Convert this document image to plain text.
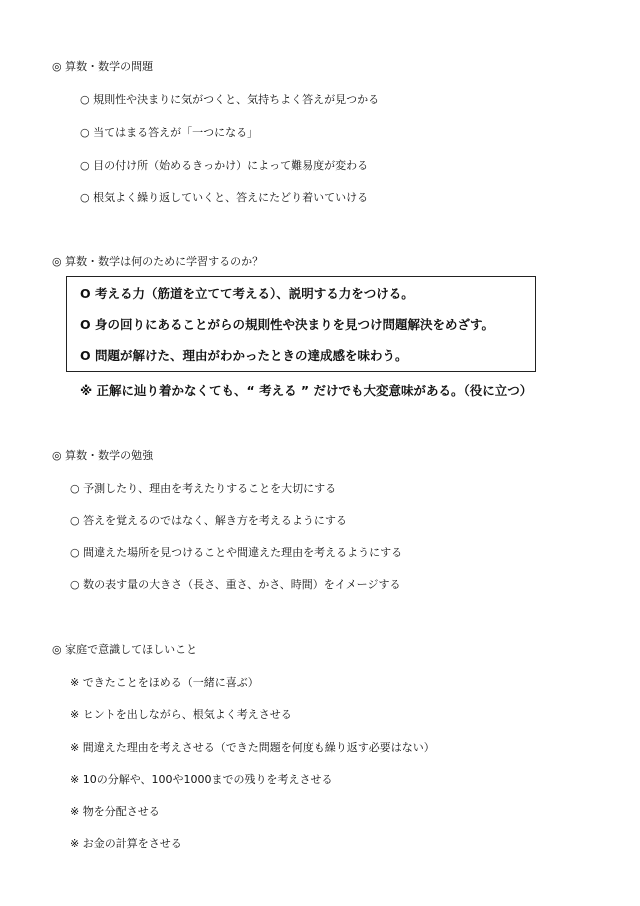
◎ 算数・数学の問題
○ 規則性や決まりに気がつくと、気持ちよく答えが見つかる
○ 当てはまる答えが「一つになる」
○ 目の付け所（始めるきっかけ）によって難易度が変わる
○ 根気よく繰り返していくと、答えにたどり着いていける
◎ 算数・数学は何のために学習するのか？
O 考える力（筋道を立てて考える）、説明する力をつける。
O 身の回りにあることがらの規則性や決まりを見つけ問題解決をめざす。
O 問題が解けた、理由がわかったときの達成感を味わう。
※ 正解に辿り着かなくても、“ 考える ” だけでも大変意味がある。（役に立つ）
◎ 算数・数学の勉強
○ 予測したり、理由を考えたりすることを大切にする
○ 答えを覚えるのではなく、解き方を考えるようにする
○ 間違えた場所を見つけることや間違えた理由を考えるようにする
○ 数の表す量の大きさ（長さ、重さ、かさ、時間）をイメージする
◎ 家庭で意識してほしいこと
※ できたことをほめる（一緒に喜ぶ）
※ ヒントを出しながら、根気よく考えさせる
※ 間違えた理由を考えさせる（できた問題を何度も繰り返す必要はない）
※ 10の分解や、100や1000までの残りを考えさせる
※ 物を分配させる
※ お金の計算をさせる
